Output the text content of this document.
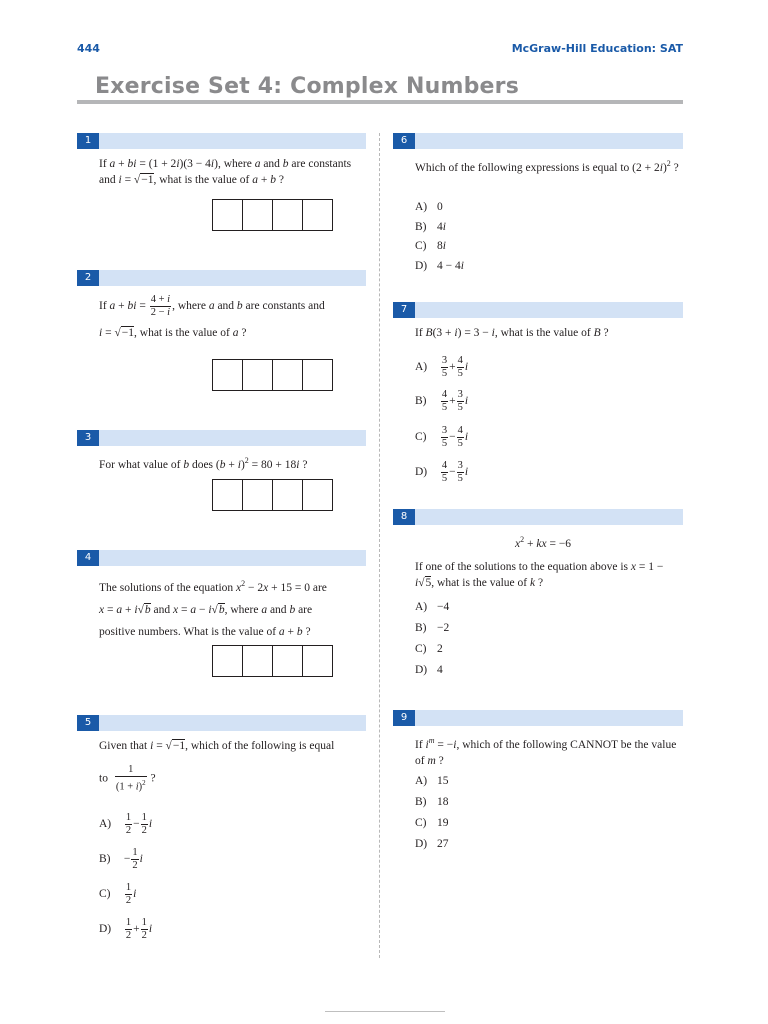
444	McGraw-Hill Education: SAT
Exercise Set 4: Complex Numbers
1
If a + bi = (1 + 2i)(3 − 4i), where a and b are constants and i = √−1, what is the value of a + b ?
2
If a + bi = $\frac{4 + i}{2 - i}$ , where a and b are constants and
i = √−1, what is the value of a ?
3
For what value of b does $(b + i)^2 = 80 + 18i$ ?
4
The solutions of the equation $x^2 - 2x + 15 = 0$ are
x = a + i√b and x = a − i√b, where a and b are
positive numbers. What is the value of a + b ?
5
Given that i = √−1, which of the following is equal
to $\frac{1}{(1 + i)^2}$ ?
$A) \frac{1}{2} - \frac{1}{2}$ i
$B) - \frac{1}{2}$ i
$C) \frac{1}{2}$ i
$D) \frac{1}{2} + \frac{1}{2}$ i
6
Which of the following expressions is equal to $(2 + 2i)^2$ ?
A) 0
B) 4i
C) 8i
D) 4 − 4i
7
If B(3 + i) = 3 − i, what is the value of B ?
$A) \frac{3}{5} + \frac{4}{5}$ i
$B) \frac{4}{5} + \frac{3}{5}$ i
$C) \frac{3}{5} - \frac{4}{5}$ i
$D) \frac{4}{5} - \frac{3}{5}$ i
8
$x^2$ + kx = −6
If one of the solutions to the equation above is x = 1 − i√5, what is the value of k ?
A) −4
B) −2
C) 2
D) 4
9
If $i^m = -i$, which of the following CANNOT be the value of m ?
A) 15
B) 18
C) 19
D) 27
